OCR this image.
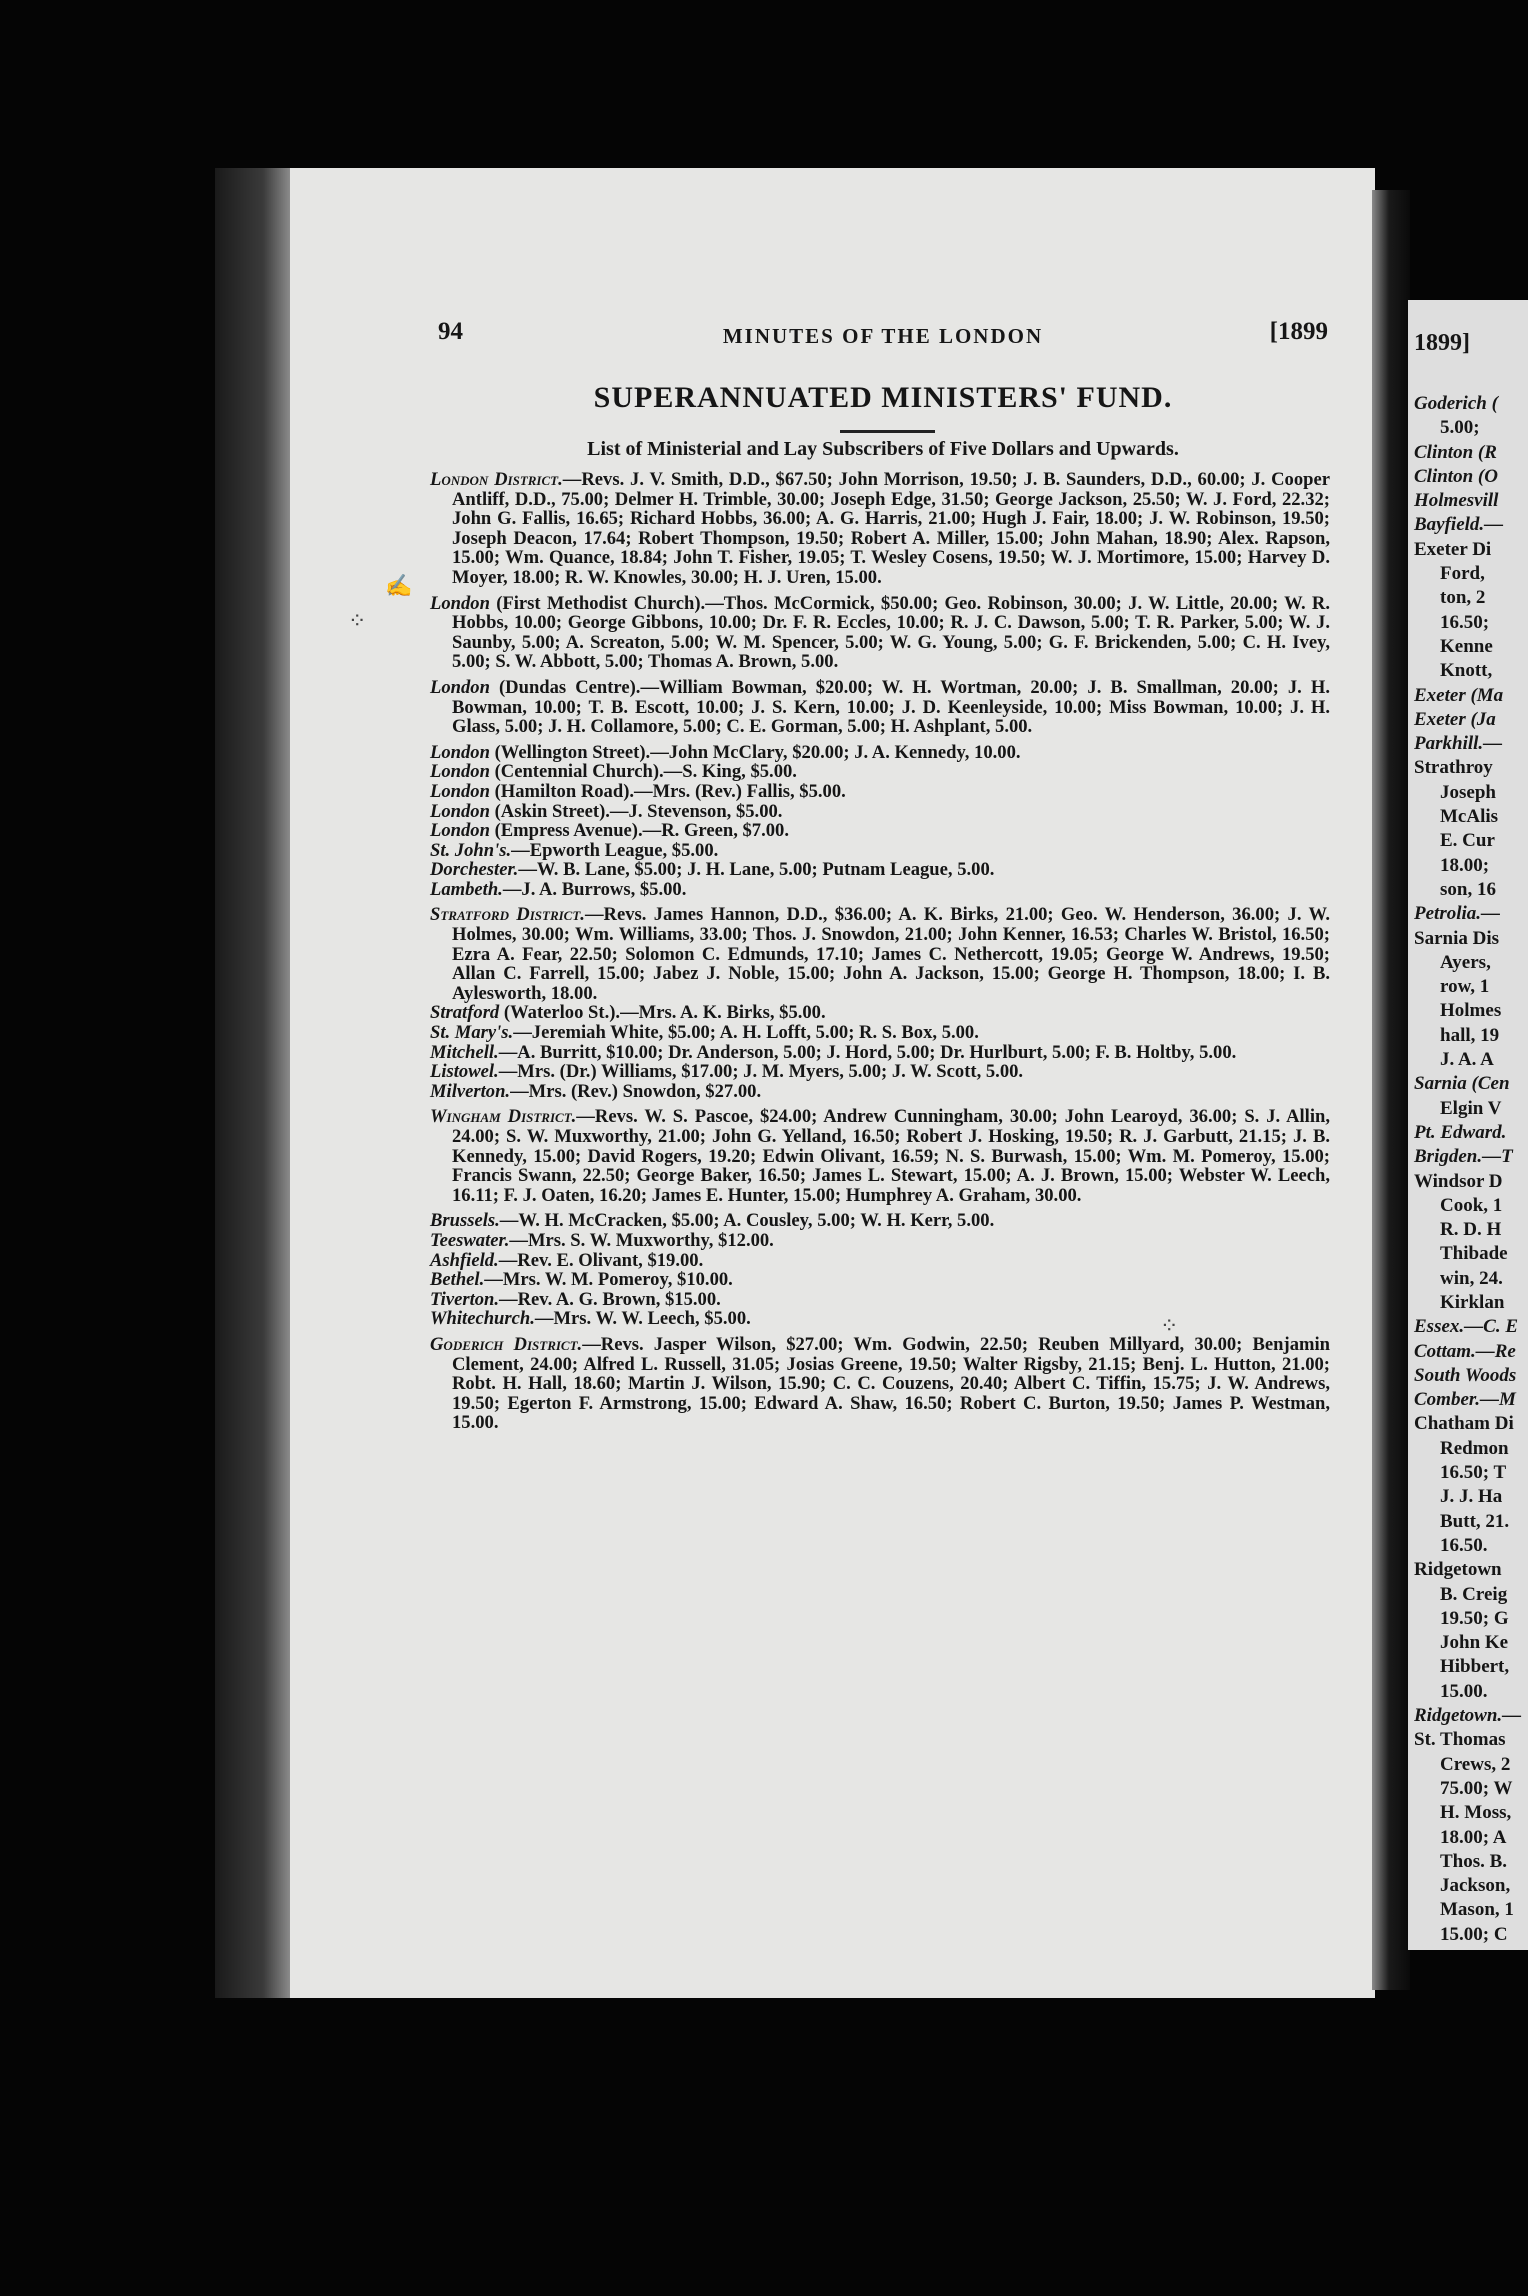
94	MINUTES OF THE LONDON	[1899
SUPERANNUATED MINISTERS' FUND.
List of Ministerial and Lay Subscribers of Five Dollars and Upwards.

London District.—Revs. J. V. Smith, D.D., $67.50; John Morrison, 19.50; J. B. Saunders, D.D., 60.00; J. Cooper Antliff, D.D., 75.00; Delmer H. Trimble, 30.00; Joseph Edge, 31.50; George Jackson, 25.50; W. J. Ford, 22.32; John G. Fallis, 16.65; Richard Hobbs, 36.00; A. G. Harris, 21.00; Hugh J. Fair, 18.00; J. W. Robinson, 19.50; Joseph Deacon, 17.64; Robert Thompson, 19.50; Robert A. Miller, 15.00; John Mahan, 18.90; Alex. Rapson, 15.00; Wm. Quance, 18.84; John T. Fisher, 19.05; T. Wesley Cosens, 19.50; W. J. Mortimore, 15.00; Harvey D. Moyer, 18.00; R. W. Knowles, 30.00; H. J. Uren, 15.00.

London (First Methodist Church).—Thos. McCormick, $50.00; Geo. Robinson, 30.00; J. W. Little, 20.00; W. R. Hobbs, 10.00; George Gibbons, 10.00; Dr. F. R. Eccles, 10.00; R. J. C. Dawson, 5.00; T. R. Parker, 5.00; W. J. Saunby, 5.00; A. Screaton, 5.00; W. M. Spencer, 5.00; W. G. Young, 5.00; G. F. Brickenden, 5.00; C. H. Ivey, 5.00; S. W. Abbott, 5.00; Thomas A. Brown, 5.00.

London (Dundas Centre).—William Bowman, $20.00; W. H. Wortman, 20.00; J. B. Smallman, 20.00; J. H. Bowman, 10.00; T. B. Escott, 10.00; J. S. Kern, 10.00; J. D. Keenleyside, 10.00; Miss Bowman, 10.00; J. H. Glass, 5.00; J. H. Collamore, 5.00; C. E. Gorman, 5.00; H. Ashplant, 5.00.

London (Wellington Street).—John McClary, $20.00; J. A. Kennedy, 10.00.

London (Centennial Church).—S. King, $5.00.

London (Hamilton Road).—Mrs. (Rev.) Fallis, $5.00.

London (Askin Street).—J. Stevenson, $5.00.

London (Empress Avenue).—R. Green, $7.00.

St. John's.—Epworth League, $5.00.

Dorchester.—W. B. Lane, $5.00; J. H. Lane, 5.00; Putnam League, 5.00.

Lambeth.—J. A. Burrows, $5.00.

Stratford District.—Revs. James Hannon, D.D., $36.00; A. K. Birks, 21.00; Geo. W. Henderson, 36.00; J. W. Holmes, 30.00; Wm. Williams, 33.00; Thos. J. Snowdon, 21.00; John Kenner, 16.53; Charles W. Bristol, 16.50; Ezra A. Fear, 22.50; Solomon C. Edmunds, 17.10; James C. Nethercott, 19.05; George W. Andrews, 19.50; Allan C. Farrell, 15.00; Jabez J. Noble, 15.00; John A. Jackson, 15.00; George H. Thompson, 18.00; I. B. Aylesworth, 18.00.

Stratford (Waterloo St.).—Mrs. A. K. Birks, $5.00.

St. Mary's.—Jeremiah White, $5.00; A. H. Lofft, 5.00; R. S. Box, 5.00.

Mitchell.—A. Burritt, $10.00; Dr. Anderson, 5.00; J. Hord, 5.00; Dr. Hurlburt, 5.00; F. B. Holtby, 5.00.

Listowel.—Mrs. (Dr.) Williams, $17.00; J. M. Myers, 5.00; J. W. Scott, 5.00.

Milverton.—Mrs. (Rev.) Snowdon, $27.00.

Wingham District.—Revs. W. S. Pascoe, $24.00; Andrew Cunningham, 30.00; John Learoyd, 36.00; S. J. Allin, 24.00; S. W. Muxworthy, 21.00; John G. Yelland, 16.50; Robert J. Hosking, 19.50; R. J. Garbutt, 21.15; J. B. Kennedy, 15.00; David Rogers, 19.20; Edwin Olivant, 16.59; N. S. Burwash, 15.00; Wm. M. Pomeroy, 15.00; Francis Swann, 22.50; George Baker, 16.50; James L. Stewart, 15.00; A. J. Brown, 15.00; Webster W. Leech, 16.11; F. J. Oaten, 16.20; James E. Hunter, 15.00; Humphrey A. Graham, 30.00.

Brussels.—W. H. McCracken, $5.00; A. Cousley, 5.00; W. H. Kerr, 5.00.

Teeswater.—Mrs. S. W. Muxworthy, $12.00.

Ashfield.—Rev. E. Olivant, $19.00.

Bethel.—Mrs. W. M. Pomeroy, $10.00.

Tiverton.—Rev. A. G. Brown, $15.00.

Whitechurch.—Mrs. W. W. Leech, $5.00.

Goderich District.—Revs. Jasper Wilson, $27.00; Wm. Godwin, 22.50; Reuben Millyard, 30.00; Benjamin Clement, 24.00; Alfred L. Russell, 31.05; Josias Greene, 19.50; Walter Rigsby, 21.15; Benj. L. Hutton, 21.00; Robt. H. Hall, 18.60; Martin J. Wilson, 15.90; C. C. Couzens, 20.40; Albert C. Tiffin, 15.75; J. W. Andrews, 19.50; Egerton F. Armstrong, 15.00; Edward A. Shaw, 16.50; Robert C. Burton, 19.50; James P. Westman, 15.00.

✍
⁘
⁘
1899]
Goderich (
5.00;
Clinton (R
Clinton (O
Holmesvill
Bayfield.—
Exeter Di
Ford,
ton, 2
16.50;
Kenne
Knott,
Exeter (Ma
Exeter (Ja
Parkhill.—
Strathroy
Joseph
McAlis
E. Cur
18.00;
son, 16
Petrolia.—
Sarnia Dis
Ayers,
row, 1
Holmes
hall, 19
J. A. A
Sarnia (Cen
Elgin V
Pt. Edward.
Brigden.—T
Windsor D
Cook, 1
R. D. H
Thibade
win, 24.
Kirklan
Essex.—C. E
Cottam.—Re
South Woods
Comber.—M
Chatham Di
Redmon
16.50; T
J. J. Ha
Butt, 21.
16.50.
Ridgetown
B. Creig
19.50; G
John Ke
Hibbert,
15.00.
Ridgetown.—
St. Thomas
Crews, 2
75.00; W
H. Moss,
18.00; A
Thos. B.
Jackson,
Mason, 1
15.00; C
